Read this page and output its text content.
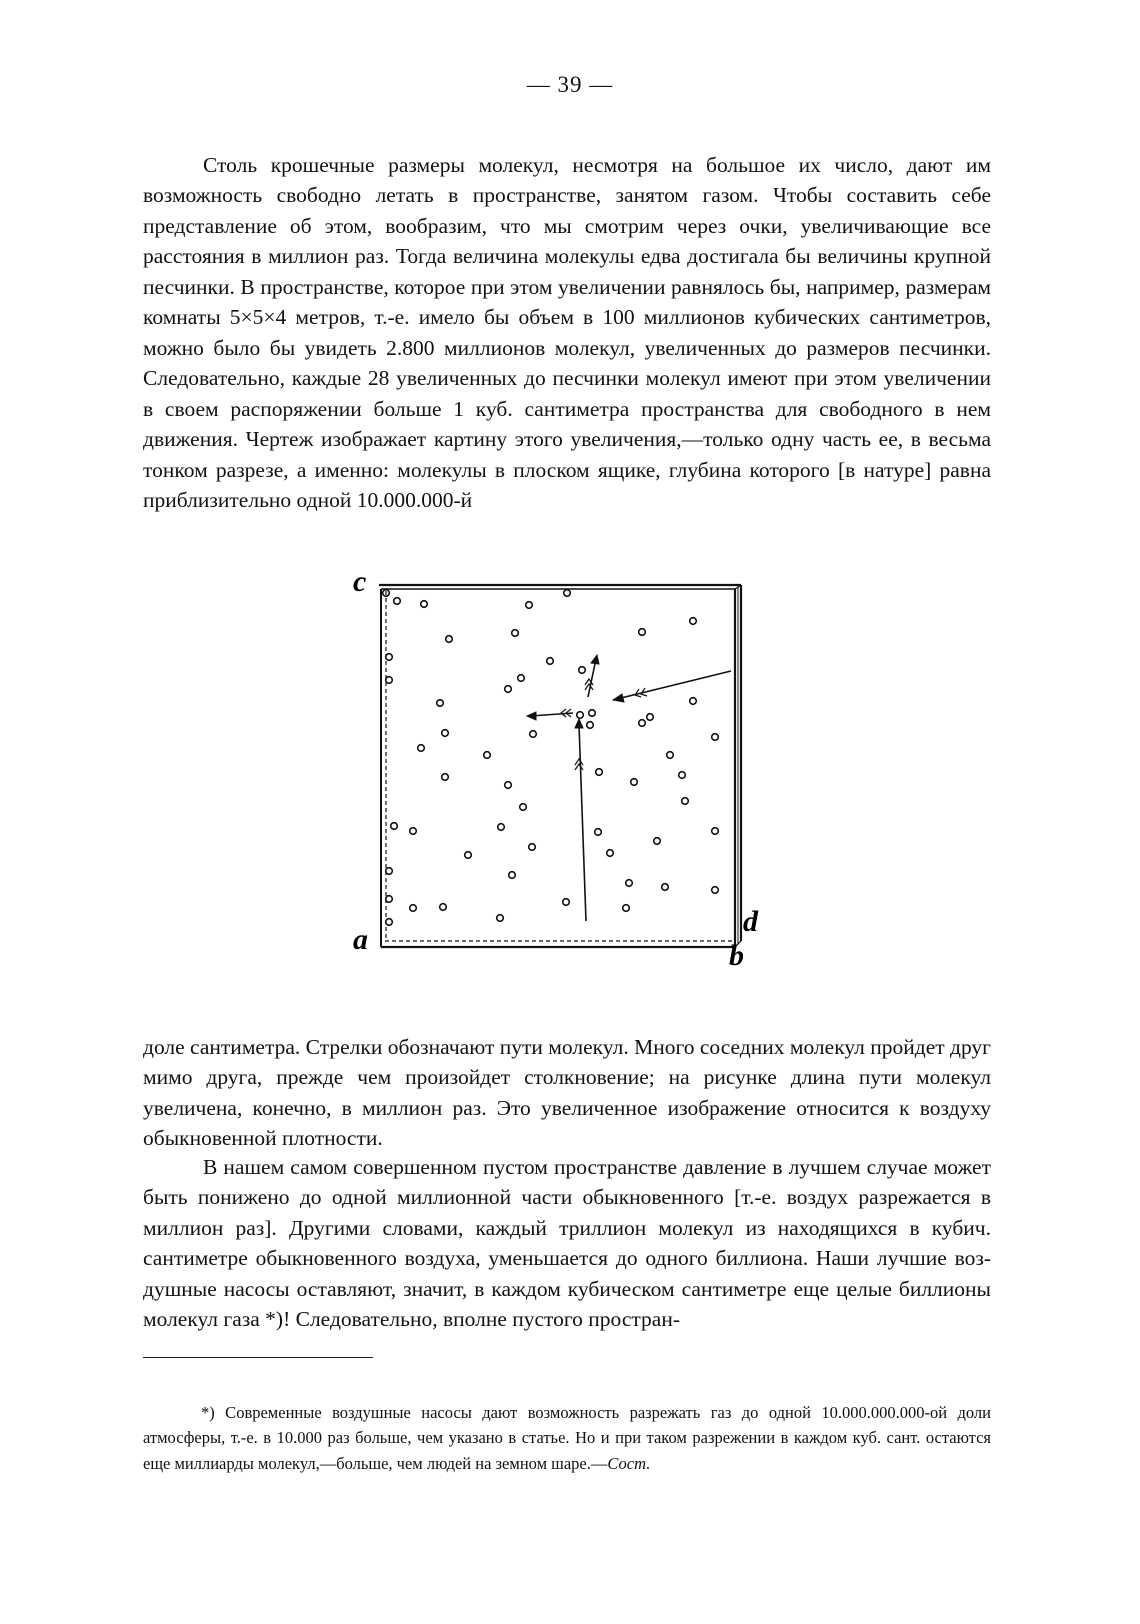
— 39 —

Столь крошечные размеры молекул, несмотря на большое их число, дают им возможность свободно летать в пространстве, занятом газом. Чтобы составить себе представление об этом, вообразим, что мы смотрим через очки, увеличивающие все расстояния в миллион раз. Тогда величина молекулы едва достигала бы величины крупной песчинки. В пространстве, которое при этом увеличении равнялось бы, например, размерам комнаты 5×5×4 метров, т.-е. имело бы объем в 100 миллионов кубических сантиметров, можно было бы увидеть 2.800 миллионов молекул, увеличенных до размеров песчинки. Следовательно, каждые 28 увеличенных до песчинки молекул имеют при этом увеличении в своем распоряжении больше 1 куб. сантиметра пространства для свободного в нем движения. Чертеж изображает картину этого увеличения,—только одну часть ее, в весьма тонком разрезе, а именно: молекулы в плоском ящике, глубина которого [в натуре] равна приблизительно одной 10.000.000-й

c
a	b
d

доле сантиметра. Стрелки обозначают пути молекул. Много соседних молекул пройдет друг мимо друга, прежде чем произойдет столкновение; на рисунке длина пути молекул увеличена, конечно, в миллион раз. Это увеличенное изображение относится к воздуху обыкновенной плотности.

В нашем самом совершенном пустом пространстве давление в лучшем случае может быть понижено до одной миллионной части обыкновенного [т.-е. воздух разрежается в миллион раз]. Другими словами, каждый триллион молекул из находящихся в кубич. сантиметре обыкновенного воздуха, уменьшается до одного биллиона. Наши лучшие воздушные насосы оставляют, значит, в каждом кубическом сантиметре еще целые биллионы молекул газа *)! Следовательно, вполне пустого простран-

*) Современные воздушные насосы дают возможность разрежать газ до одной 10.000.000.000-ой доли атмосферы, т.-е. в 10.000 раз больше, чем указано в статье. Но и при таком разрежении в каждом куб. сант. остаются еще миллиарды молекул,—больше, чем людей на земном шаре.—Сост.
